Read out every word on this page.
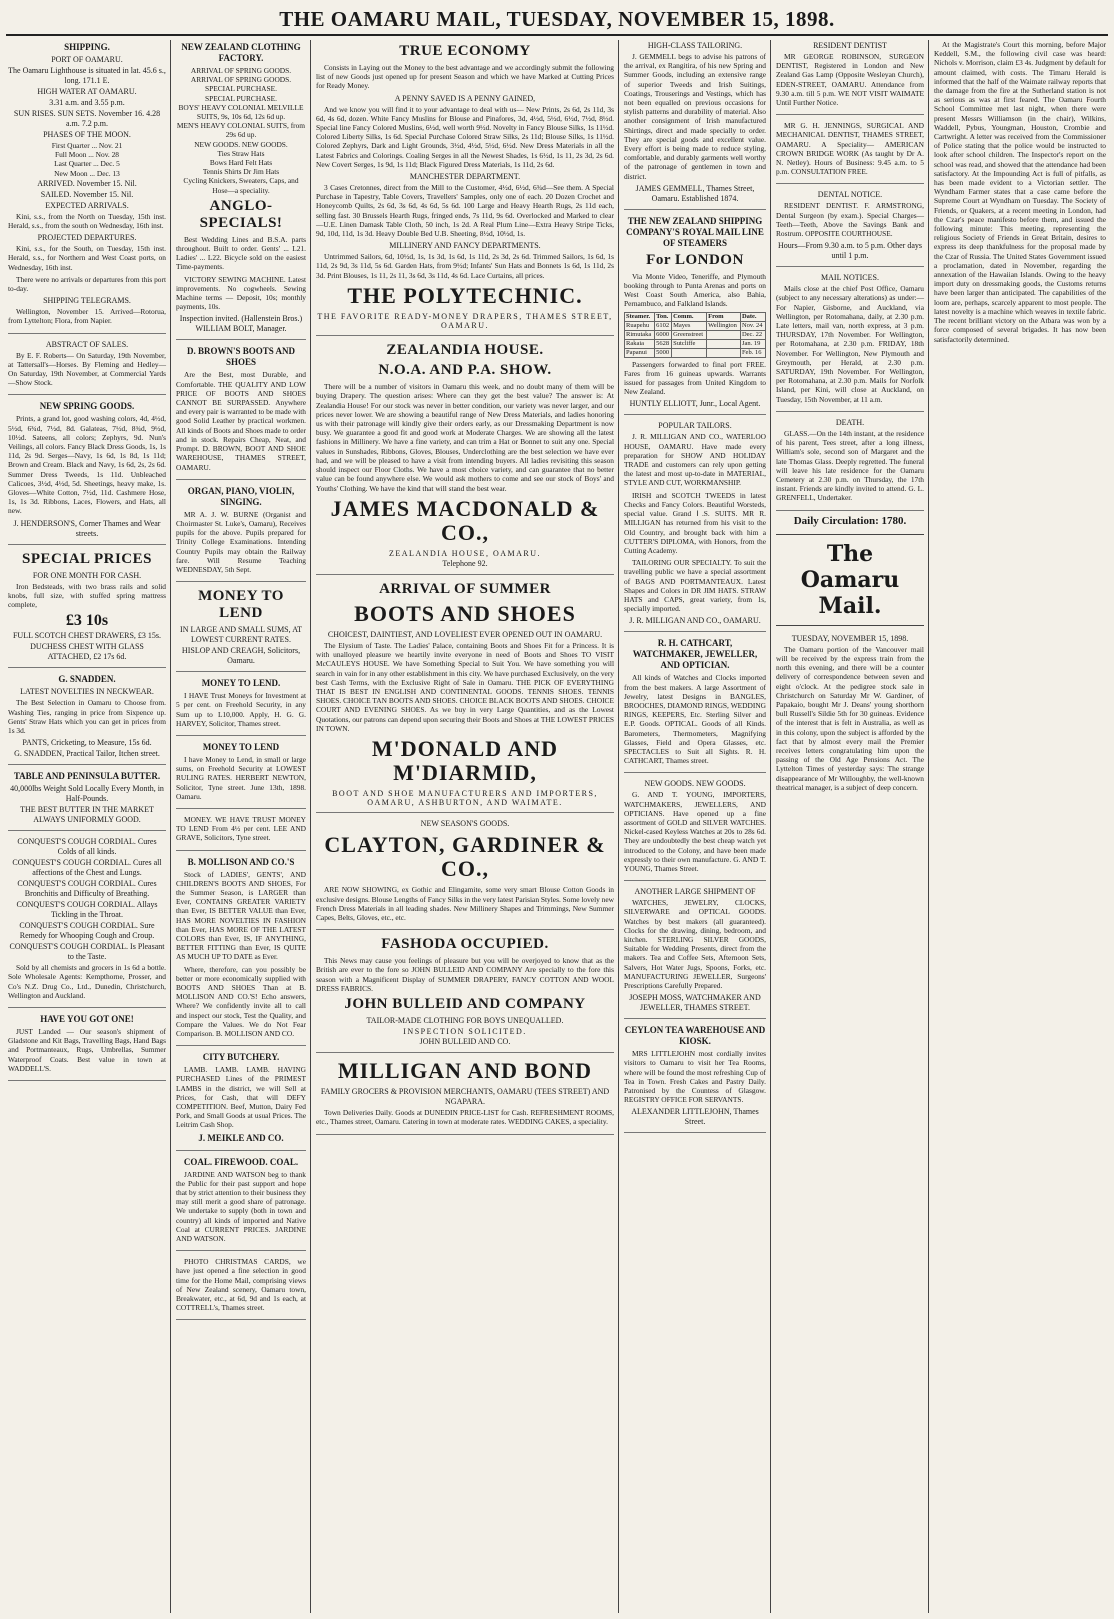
THE OAMARU MAIL, TUESDAY, NOVEMBER 15, 1898.
SHIPPING.
PORT OF OAMARU.
The Oamaru Lighthouse is situated in lat. 45.6 s., long. 171.1 E.
HIGH WATER AT OAMARU.
3.31 a.m. and 3.55 p.m.
SUN RISES. SUN SETS. November 16. 4.28 a.m. 7.2 p.m.
PHASES OF THE MOON.
First Quarter ... Nov. 21
Full Moon ... Nov. 28
Last Quarter ... Dec. 5
New Moon ... Dec. 13
ARRIVED. November 15. Nil.
SAILED. November 15. Nil.
EXPECTED ARRIVALS.

Kini, s.s., from the North on Tuesday, 15th inst. Herald, s.s., from the south on Wednesday, 16th inst.

PROJECTED DEPARTURES.

Kini, s.s., for the South, on Tuesday, 15th inst. Herald, s.s., for Northern and West Coast ports, on Wednesday, 16th inst.

There were no arrivals or departures from this port to-day.

SHIPPING TELEGRAMS.

Wellington, November 15. Arrived—Rotorua, from Lyttelton; Flora, from Napier.

ABSTRACT OF SALES.

By E. F. Roberts— On Saturday, 19th November, at Tattersall's—Horses. By Fleming and Hedley— On Saturday, 19th November, at Commercial Yards—Show Stock.

NEW SPRING GOODS.

Prints, a grand lot, good washing colors, 4d, 4½d, 5½d, 6¾d, 7½d, 8d. Galateas, 7½d, 8¾d, 9½d, 10½d. Sateens, all colors; Zephyrs, 9d. Nun's Veilings, all colors. Fancy Black Dress Goods, 1s, 1s 11d, 2s 9d. Serges—Navy, 1s 6d, 1s 8d, 1s 11d; Brown and Cream. Black and Navy, 1s 6d, 2s, 2s 6d. Summer Dress Tweeds, 1s 11d. Unbleached Calicoes, 3½d, 4½d, 5d. Sheetings, heavy make, 1s. Gloves—White Cotton, 7½d, 11d. Cashmere Hose, 1s, 1s 3d. Ribbons, Laces, Flowers, and Hats, all new.

J. HENDERSON'S, Corner Thames and Wear streets.
SPECIAL PRICES
FOR ONE MONTH FOR CASH.

Iron Bedsteads, with two brass rails and solid knobs, full size, with stuffed spring mattress complete,

£3 10s
FULL SCOTCH CHEST DRAWERS, £3 15s.
DUCHESS CHEST WITH GLASS ATTACHED, £2 17s 6d.
G. SNADDEN.
LATEST NOVELTIES IN NECKWEAR.

The Best Selection in Oamaru to Choose from. Washing Ties, ranging in price from Sixpence up. Gents' Straw Hats which you can get in prices from 1s 3d.

PANTS, Cricketing, to Measure, 15s 6d.
G. SNADDEN, Practical Tailor, Itchen street.
TABLE AND PENINSULA BUTTER.
40,000lbs Weight Sold Locally Every Month, in Half-Pounds.
THE BEST BUTTER IN THE MARKET ALWAYS UNIFORMLY GOOD.
CONQUEST'S COUGH CORDIAL. Cures Colds of all kinds.
CONQUEST'S COUGH CORDIAL. Cures all affections of the Chest and Lungs.
CONQUEST'S COUGH CORDIAL. Cures Bronchitis and Difficulty of Breathing.
CONQUEST'S COUGH CORDIAL. Allays Tickling in the Throat.
CONQUEST'S COUGH CORDIAL. Sure Remedy for Whooping Cough and Croup.
CONQUEST'S COUGH CORDIAL. Is Pleasant to the Taste.

Sold by all chemists and grocers in 1s 6d a bottle. Sole Wholesale Agents: Kempthorne, Prosser, and Co's N.Z. Drug Co., Ltd., Dunedin, Christchurch, Wellington and Auckland.

HAVE YOU GOT ONE!

JUST Landed — Our season's shipment of Gladstone and Kit Bags, Travelling Bags, Hand Bags and Portmanteaux, Rugs, Umbrellas, Summer Waterproof Coats. Best value in town at WADDELL'S.

NEW ZEALAND CLOTHING FACTORY.
ARRIVAL OF SPRING GOODS.
ARRIVAL OF SPRING GOODS.
SPECIAL PURCHASE.
SPECIAL PURCHASE.
BOYS' HEAVY COLONIAL MELVILLE SUITS, 9s, 10s 6d, 12s 6d up.
MEN'S HEAVY COLONIAL SUITS, from 29s 6d up.
NEW GOODS. NEW GOODS.
Ties Straw Hats
Bows Hard Felt Hats
Tennis Shirts Dr Jim Hats
Cycling Knickers, Sweaters, Caps, and Hose—a speciality.
ANGLO-SPECIALS!

Best Wedding Lines and B.S.A. parts throughout. Built to order. Gents' ... L21. Ladies' ... L22. Bicycle sold on the easiest Time-payments.

VICTORY SEWING MACHINE. Latest improvements. No cogwheels. Sewing Machine terms — Deposit, 10s; monthly payments, 10s.

Inspection invited. (Hallenstein Bros.) WILLIAM BOLT, Manager.
D. BROWN'S BOOTS AND SHOES

Are the Best, most Durable, and Comfortable. THE QUALITY AND LOW PRICE OF BOOTS AND SHOES CANNOT BE SURPASSED. Anywhere and every pair is warranted to be made with good Solid Leather by practical workmen. All kinds of Boots and Shoes made to order and in stock. Repairs Cheap, Neat, and Prompt. D. BROWN, BOOT AND SHOE WAREHOUSE, THAMES STREET, OAMARU.

ORGAN, PIANO, VIOLIN, SINGING.

MR A. J. W. BURNE (Organist and Choirmaster St. Luke's, Oamaru), Receives pupils for the above. Pupils prepared for Trinity College Examinations. Intending Country Pupils may obtain the Railway fare. Will Resume Teaching WEDNESDAY, 5th Sept.

MONEY TO LEND
IN LARGE AND SMALL SUMS, AT LOWEST CURRENT RATES.
HISLOP AND CREAGH, Solicitors, Oamaru.
MONEY TO LEND.

I HAVE Trust Moneys for Investment at 5 per cent. on Freehold Security, in any Sum up to L10,000. Apply, H. G. G. HARVEY, Solicitor, Thames street.

MONEY TO LEND

I have Money to Lend, in small or large sums, on Freehold Security at LOWEST RULING RATES. HERBERT NEWTON, Solicitor, Tyne street. June 13th, 1898. Oamaru.

MONEY. WE HAVE TRUST MONEY TO LEND From 4½ per cent. LEE AND GRAVE, Solicitors, Tyne street.

B. MOLLISON AND CO.'S

Stock of LADIES', GENTS', AND CHILDREN'S BOOTS AND SHOES, For the Summer Season, is LARGER than Ever, CONTAINS GREATER VARIETY than Ever, IS BETTER VALUE than Ever, HAS MORE NOVELTIES IN FASHION than Ever, HAS MORE OF THE LATEST COLORS than Ever, IS, IF ANYTHING, BETTER FITTING than Ever, IS QUITE AS MUCH UP TO DATE as Ever.

Where, therefore, can you possibly be better or more economically supplied with BOOTS AND SHOES Than at B. MOLLISON AND CO.'S! Echo answers, Where? We confidently invite all to call and inspect our stock, Test the Quality, and Compare the Values. We do Not Fear Comparison. B. MOLLISON AND CO.

CITY BUTCHERY.

LAMB. LAMB. LAMB. HAVING PURCHASED Lines of the PRIMEST LAMBS in the district, we will Sell at Prices, for Cash, that will DEFY COMPETITION. Beef, Mutton, Dairy Fed Pork, and Small Goods at usual Prices. The Leitrim Cash Shop.

J. MEIKLE AND CO.
COAL. FIREWOOD. COAL.

JARDINE AND WATSON beg to thank the Public for their past support and hope that by strict attention to their business they may still merit a good share of patronage. We undertake to supply (both in town and country) all kinds of imported and Native Coal at CURRENT PRICES. JARDINE AND WATSON.

PHOTO CHRISTMAS CARDS, we have just opened a fine selection in good time for the Home Mail, comprising views of New Zealand scenery, Oamaru town, Breakwater, etc., at 6d, 9d and 1s each, at COTTRELL's, Thames street.

TRUE ECONOMY

Consists in Laying out the Money to the best advantage and we accordingly submit the following list of new Goods just opened up for present Season and which we have Marked at Cutting Prices for Ready Money.

A PENNY SAVED IS A PENNY GAINED,

And we know you will find it to your advantage to deal with us— New Prints, 2s 6d, 2s 11d, 3s 6d, 4s 6d, dozen. White Fancy Muslins for Blouse and Pinafores, 3d, 4½d, 5½d, 6½d, 7½d, 8½d. Special line Fancy Colored Muslins, 6½d, well worth 9½d. Novelty in Fancy Blouse Silks, 1s 11½d. Colored Liberty Silks, 1s 6d. Special Purchase Colored Straw Silks, 2s 11d; Blouse Silks, 1s 11½d. Colored Zephyrs, Dark and Light Grounds, 3½d, 4½d, 5½d, 6½d. New Dress Materials in all the Latest Fabrics and Colorings. Coaling Serges in all the Newest Shades, 1s 6½d, 1s 11, 2s 3d, 2s 6d. New Covert Serges, 1s 9d, 1s 11d; Black Figured Dress Materials, 1s 11d, 2s 6d.

MANCHESTER DEPARTMENT.

3 Cases Cretonnes, direct from the Mill to the Customer, 4½d, 6½d, 6¾d—See them. A Special Purchase in Tapestry, Table Covers, Travellers' Samples, only one of each. 20 Dozen Crochet and Honeycomb Quilts, 2s 6d, 3s 6d, 4s 6d, 5s 6d. 100 Large and Heavy Hearth Rugs, 2s 11d each, selling fast. 30 Brussels Hearth Rugs, fringed ends, 7s 11d, 9s 6d. Overlocked and Marked to clear—U.E. Linen Damask Table Cloth, 50 inch, 1s 2d. A Real Plum Line—Extra Heavy Stripe Ticks, 9d, 10d, 11d, 1s 3d. Heavy Double Bed U.B. Sheeting, 8½d, 10½d, 1s.

MILLINERY AND FANCY DEPARTMENTS.

Untrimmed Sailors, 6d, 10½d, 1s, 1s 3d, 1s 6d, 1s 11d, 2s 3d, 2s 6d. Trimmed Sailors, 1s 6d, 1s 11d, 2s 9d, 3s 11d, 5s 6d. Garden Hats, from 9½d; Infants' Sun Hats and Bonnets 1s 6d, 1s 11d, 2s 3d. Print Blouses, 1s 11, 2s 11, 3s 6d, 3s 11d, 4s 6d. Lace Curtains, all prices.

THE POLYTECHNIC.
THE FAVORITE READY-MONEY DRAPERS, THAMES STREET, OAMARU.
ZEALANDIA HOUSE.
N.O.A. AND P.A. SHOW.

There will be a number of visitors in Oamaru this week, and no doubt many of them will be buying Drapery. The question arises: Where can they get the best value? The answer is: At Zealandia House! For our stock was never in better condition, our variety was never larger, and our prices never lower. We are showing a beautiful range of New Dress Materials, and ladies honoring us with their patronage will kindly give their orders early, as our Dressmaking Department is now busy. We guarantee a good fit and good work at Moderate Charges. We are showing all the latest fashions in Millinery. We have a fine variety, and can trim a Hat or Bonnet to suit any one. Special values in Sunshades, Ribbons, Gloves, Blouses, Underclothing are the best selection we have ever had, and we will be pleased to have a visit from intending buyers. All ladies revisiting this season should inspect our Floor Cloths. We have a most choice variety, and can guarantee that no better value can be found anywhere else. We would ask mothers to come and see our stock of Boys' and Youths' Clothing. We have the kind that will stand the best wear.

JAMES MACDONALD & CO.,
ZEALANDIA HOUSE, OAMARU.
Telephone 92.
ARRIVAL OF SUMMER
BOOTS AND SHOES
CHOICEST, DAINTIEST, AND LOVELIEST EVER OPENED OUT IN OAMARU.

The Elysium of Taste. The Ladies' Palace, containing Boots and Shoes Fit for a Princess. It is with unalloyed pleasure we heartily invite everyone in need of Boots and Shoes TO VISIT McCAULEYS HOUSE. We have Something Special to Suit You. We have something you will search in vain for in any other establishment in this city. We have purchased Exclusively, on the very best Cash Terms, with the Exclusive Right of Sale in Oamaru. THE PICK OF EVERYTHING THAT IS BEST IN ENGLISH AND CONTINENTAL GOODS. TENNIS SHOES. TENNIS SHOES. CHOICE TAN BOOTS AND SHOES. CHOICE BLACK BOOTS AND SHOES. CHOICE COURT AND EVENING SHOES. As we buy in very Large Quantities, and as the Lowest Quotations, our patrons can depend upon securing their Boots and Shoes at THE LOWEST PRICES IN TOWN.

M'DONALD AND M'DIARMID,
BOOT AND SHOE MANUFACTURERS AND IMPORTERS, OAMARU, ASHBURTON, AND WAIMATE.
NEW SEASON'S GOODS.
CLAYTON, GARDINER & CO.,

ARE NOW SHOWING, ex Gothic and Elingamite, some very smart Blouse Cotton Goods in exclusive designs. Blouse Lengths of Fancy Silks in the very latest Parisian Styles. Some lovely new French Dress Materials in all leading shades. New Millinery Shapes and Trimmings, New Summer Capes, Belts, Gloves, etc., etc.

FASHODA OCCUPIED.

This News may cause you feelings of pleasure but you will be overjoyed to know that as the British are ever to the fore so JOHN BULLEID AND COMPANY Are specially to the fore this season with a Magnificent Display of SUMMER DRAPERY, FANCY COTTON AND WOOL DRESS FABRICS.

JOHN BULLEID AND COMPANY
TAILOR-MADE CLOTHING FOR BOYS UNEQUALLED.
INSPECTION SOLICITED.
JOHN BULLEID AND CO.
MILLIGAN AND BOND
FAMILY GROCERS & PROVISION MERCHANTS, OAMARU (TEES STREET) AND NGAPARA.

Town Deliveries Daily. Goods at DUNEDIN PRICE-LIST for Cash. REFRESHMENT ROOMS, etc., Thames street, Oamaru. Catering in town at moderate rates. WEDDING CAKES, a speciality.

HIGH-CLASS TAILORING.

J. GEMMELL begs to advise his patrons of the arrival, ex Rangitira, of his new Spring and Summer Goods, including an extensive range of superior Tweeds and Irish Suitings, Coatings, Trouserings and Vestings, which has not been equalled on previous occasions for stylish patterns and durability of material. Also another consignment of Irish manufactured Shirtings, direct and made specially to order. They are special goods and excellent value. Every effort is being made to reduce styling, comfortable, and durably garments well worthy of the patronage of gentlemen in town and district.

JAMES GEMMELL, Thames Street, Oamaru. Established 1874.
THE NEW ZEALAND SHIPPING COMPANY'S ROYAL MAIL LINE OF STEAMERS
For LONDON

Via Monte Video, Teneriffe, and Plymouth booking through to Punta Arenas and ports on West Coast South America, also Bahia, Pernambuco, and Falkland Islands.

Steamer.	Ton.	Comm.	From	Date.
Ruapehu	6102	Mayes	Wellington	Nov. 24
Rimutaka	6000	Greenstreet		Dec. 22
Rakaia	5628	Sutcliffe		Jan. 19
Papanui	5000			Feb. 16

Passengers forwarded to final port FREE. Fares from 16 guineas upwards. Warrants issued for passages from United Kingdom to New Zealand.

HUNTLY ELLIOTT, Junr., Local Agent.
POPULAR TAILORS.

J. R. MILLIGAN AND CO., WATERLOO HOUSE, OAMARU. Have made every preparation for SHOW AND HOLIDAY TRADE and customers can rely upon getting the latest and most up-to-date in MATERIAL, STYLE AND CUT, WORKMANSHIP.

IRISH and SCOTCH TWEEDS in latest Checks and Fancy Colors. Beautiful Worsteds, special value. Grand Ⅰ.S. SUITS. MR R. MILLIGAN has returned from his visit to the Old Country, and brought back with him a CUTTER'S DIPLOMA, with Honors, from the Cutting Academy.

TAILORING OUR SPECIALTY. To suit the travelling public we have a special assortment of BAGS AND PORTMANTEAUX. Latest Shapes and Colors in DR JIM HATS. STRAW HATS and CAPS, great variety, from 1s, specially imported.

J. R. MILLIGAN AND CO., OAMARU.
R. H. CATHCART, WATCHMAKER, JEWELLER, AND OPTICIAN.

All kinds of Watches and Clocks imported from the best makers. A large Assortment of Jewelry, latest Designs in BANGLES, BROOCHES, DIAMOND RINGS, WEDDING RINGS, KEEPERS, Etc. Sterling Silver and E.P. Goods. OPTICAL. Goods of all Kinds. Barometers, Thermometers, Magnifying Glasses, Field and Opera Glasses, etc. SPECTACLES to Suit all Sights. R. H. CATHCART, Thames street.

NEW GOODS. NEW GOODS.

G. AND T. YOUNG, IMPORTERS, WATCHMAKERS, JEWELLERS, AND OPTICIANS. Have opened up a fine assortment of GOLD and SILVER WATCHES. Nickel-cased Keyless Watches at 20s to 28s 6d. They are undoubtedly the best cheap watch yet introduced to the Colony, and have been made expressly to their own manufacture. G. AND T. YOUNG, Thames Street.

ANOTHER LARGE SHIPMENT OF

WATCHES, JEWELRY, CLOCKS, SILVERWARE and OPTICAL GOODS. Watches by best makers (all guaranteed). Clocks for the drawing, dining, bedroom, and kitchen. STERLING SILVER GOODS, Suitable for Wedding Presents, direct from the makers. Tea and Coffee Sets, Afternoon Sets, Salvers, Hot Water Jugs, Spoons, Forks, etc. MANUFACTURING JEWELLER, Surgeons' Prescriptions Carefully Prepared.

JOSEPH MOSS, WATCHMAKER AND JEWELLER, THAMES STREET.
CEYLON TEA WAREHOUSE AND KIOSK.

MRS LITTLEJOHN most cordially invites visitors to Oamaru to visit her Tea Rooms, where will be found the most refreshing Cup of Tea in Town. Fresh Cakes and Pastry Daily. Patronised by the Countess of Glasgow. REGISTRY OFFICE FOR SERVANTS.

ALEXANDER LITTLEJOHN, Thames Street.
RESIDENT DENTIST

MR GEORGE ROBINSON, SURGEON DENTIST, Registered in London and New Zealand Gas Lamp (Opposite Wesleyan Church), EDEN-STREET, OAMARU. Attendance from 9.30 a.m. till 5 p.m. WE NOT VISIT WAIMATE Until Further Notice.

MR G. H. JENNINGS, SURGICAL AND MECHANICAL DENTIST, THAMES STREET, OAMARU. A Speciality— AMERICAN CROWN BRIDGE WORK (As taught by Dr A. N. Netley). Hours of Business: 9.45 a.m. to 5 p.m. CONSULTATION FREE.

DENTAL NOTICE.

RESIDENT DENTIST. F. ARMSTRONG, Dental Surgeon (by exam.). Special Charges—Teeth—Teeth, Above the Savings Bank and Rostrum. OPPOSITE COURTHOUSE.

Hours—From 9.30 a.m. to 5 p.m. Other days until 1 p.m.
MAIL NOTICES.

Mails close at the chief Post Office, Oamaru (subject to any necessary alterations) as under:— For Napier, Gisborne, and Auckland, via Wellington, per Rotomahana, daily, at 2.30 p.m. Late letters, mail van, north express, at 3 p.m. THURSDAY, 17th November. For Wellington, per Rotomahana, at 2.30 p.m. FRIDAY, 18th November. For Wellington, New Plymouth and Greymouth, per Herald, at 2.30 p.m. SATURDAY, 19th November. For Wellington, per Rotomahana, at 2.30 p.m. Mails for Norfolk Island, per Kini, will close at Auckland, on Tuesday, 15th November, at 11 a.m.

DEATH.

GLASS.—On the 14th instant, at the residence of his parent, Tees street, after a long illness, William's sole, second son of Margaret and the late Thomas Glass. Deeply regretted. The funeral will leave his late residence for the Oamaru Cemetery at 2.30 p.m. on Thursday, the 17th instant. Friends are kindly invited to attend. G. L. GRENFELL, Undertaker.

Daily Circulation: 1780.
The Oamaru Mail.
TUESDAY, NOVEMBER 15, 1898.

The Oamaru portion of the Vancouver mail will be received by the express train from the north this evening, and there will be a counter delivery of correspondence between seven and eight o'clock. At the pedigree stock sale in Christchurch on Saturday Mr W. Gardiner, of Papakaio, bought Mr J. Deans' young shorthorn bull Russell's Sildie 5th for 30 guineas. Evidence of the interest that is felt in Australia, as well as in this colony, upon the subject is afforded by the fact that by almost every mail the Premier receives letters congratulating him upon the passing of the Old Age Pensions Act. The Lyttelton Times of yesterday says: The strange disappearance of Mr Willoughby, the well-known theatrical manager, is a subject of deep concern.

At the Magistrate's Court this morning, before Major Keddell, S.M., the following civil case was heard: Nichols v. Morrison, claim £3 4s. Judgment by default for amount claimed, with costs. The Timaru Herald is informed that the half of the Waimate railway reports that the damage from the fire at the Sutherland station is not as serious as was at first feared. The Oamaru Fourth School Committee met last night, when there were present Messrs Williamson (in the chair), Wilkins, Waddell, Pybus, Youngman, Houston, Crombie and Cartwright. A letter was received from the Commissioner of Police stating that the police would be instructed to look after school children. The Inspector's report on the school was read, and showed that the attendance had been satisfactory. At the Impounding Act is full of pitfalls, as has been made evident to a Victorian settler. The Wyndham Farmer states that a case came before the Supreme Court at Wyndham on Tuesday. The Society of Friends, or Quakers, at a recent meeting in London, had the Czar's peace manifesto before them, and issued the following minute: This meeting, representing the religious Society of Friends in Great Britain, desires to express its deep thankfulness for the proposal made by the Czar of Russia. The United States Government issued a proclamation, dated in November, regarding the annexation of the Hawaiian Islands. Owing to the heavy import duty on dressmaking goods, the Customs returns have been larger than anticipated. The capabilities of the loom are, perhaps, scarcely apparent to most people. The latest novelty is a machine which weaves in textile fabric. The recent brilliant victory on the Atbara was won by a force composed of several brigades. It has now been satisfactorily determined.
